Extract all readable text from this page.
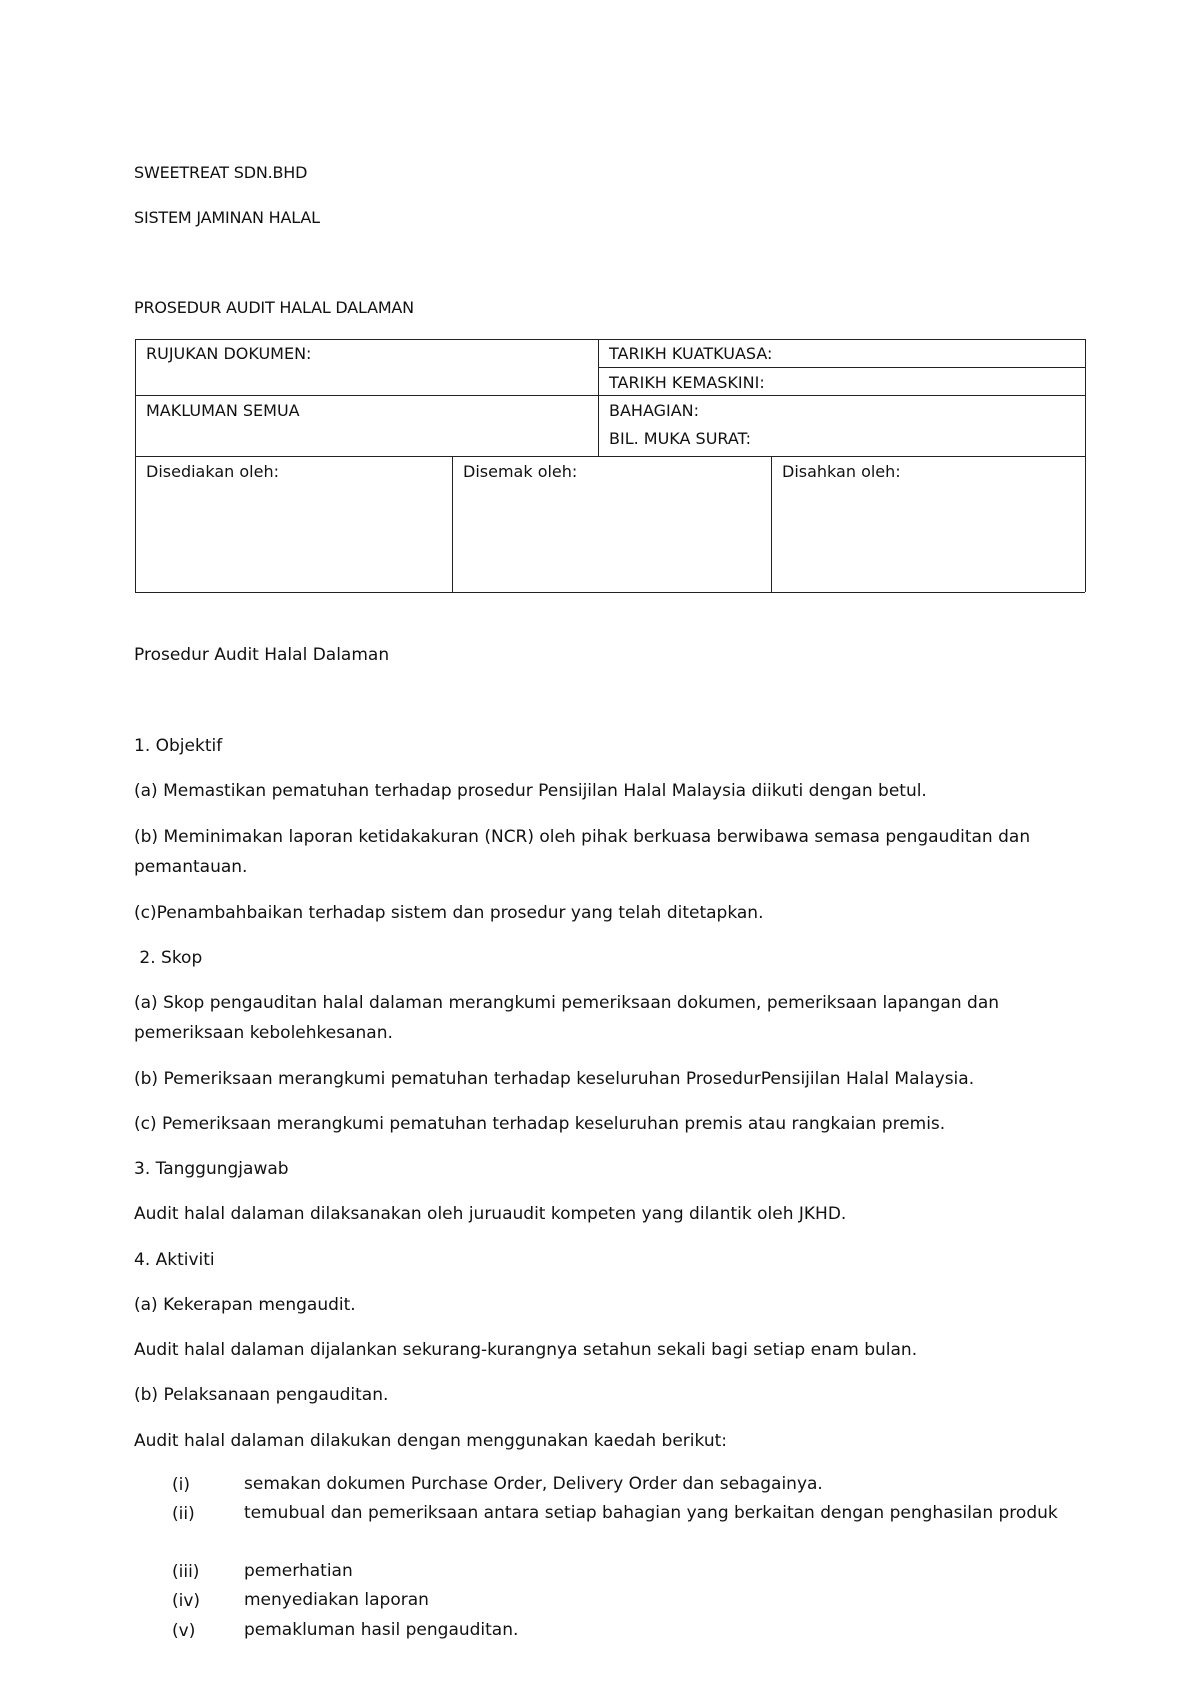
SWEETREAT SDN.BHD
SISTEM JAMINAN HALAL
PROSEDUR AUDIT HALAL DALAMAN
RUJUKAN DOKUMEN:	TARIKH KUATKUASA:
TARIKH KEMASKINI:
MAKLUMAN SEMUA	BAHAGIAN:
BIL. MUKA SURAT:
Disediakan oleh:	Disemak oleh:	Disahkan oleh:
Prosedur Audit Halal Dalaman
1. Objektif
(a) Memastikan pematuhan terhadap prosedur Pensijilan Halal Malaysia diikuti dengan betul.
(b) Meminimakan laporan ketidakakuran (NCR) oleh pihak berkuasa berwibawa semasa pengauditan dan pemantauan.
(c)Penambahbaikan terhadap sistem dan prosedur yang telah ditetapkan.
2. Skop
(a) Skop pengauditan halal dalaman merangkumi pemeriksaan dokumen, pemeriksaan lapangan dan pemeriksaan kebolehkesanan.
(b) Pemeriksaan merangkumi pematuhan terhadap keseluruhan ProsedurPensijilan Halal Malaysia.
(c) Pemeriksaan merangkumi pematuhan terhadap keseluruhan premis atau rangkaian premis.
3. Tanggungjawab
Audit halal dalaman dilaksanakan oleh juruaudit kompeten yang dilantik oleh JKHD.
4. Aktiviti
(a) Kekerapan mengaudit.
Audit halal dalaman dijalankan sekurang-kurangnya setahun sekali bagi setiap enam bulan.
(b) Pelaksanaan pengauditan.
Audit halal dalaman dilakukan dengan menggunakan kaedah berikut:
(i)	semakan dokumen Purchase Order, Delivery Order dan sebagainya.
(ii)	temubual dan pemeriksaan antara setiap bahagian yang berkaitan dengan penghasilan produk
(iii)	pemerhatian
(iv)	menyediakan laporan
(v)	pemakluman hasil pengauditan.
